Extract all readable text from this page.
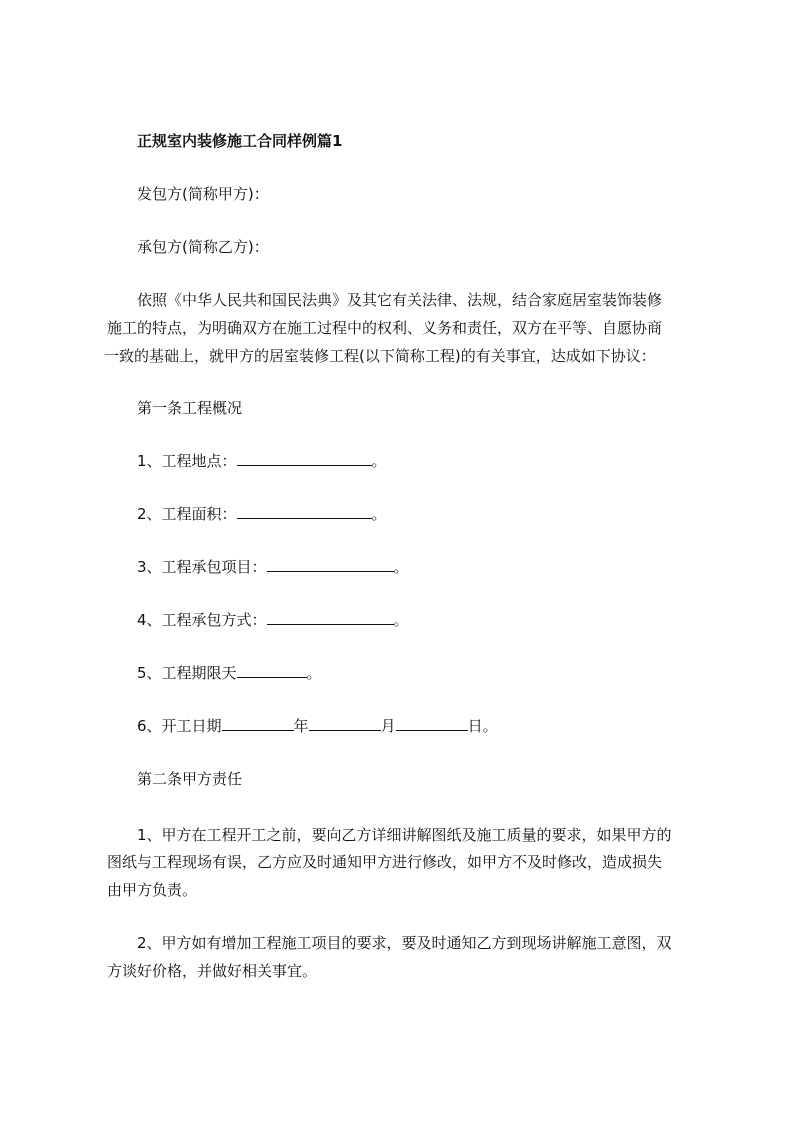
正规室内装修施工合同样例篇1
发包方(简称甲方)：
承包方(简称乙方)：
依照《中华人民共和国民法典》及其它有关法律、法规，结合家庭居室装饰装修
施工的特点，为明确双方在施工过程中的权利、义务和责任，双方在平等、自愿协商
一致的基础上，就甲方的居室装修工程(以下简称工程)的有关事宜，达成如下协议：
第一条工程概况
1、工程地点：	。
2、工程面积：	。
3、工程承包项目：	。
4、工程承包方式：	。
5、工程期限天	。
6、开工日期	年	月	日。
第二条甲方责任
1、甲方在工程开工之前，要向乙方详细讲解图纸及施工质量的要求，如果甲方的
图纸与工程现场有误，乙方应及时通知甲方进行修改，如甲方不及时修改，造成损失
由甲方负责。
2、甲方如有增加工程施工项目的要求，要及时通知乙方到现场讲解施工意图，双
方谈好价格，并做好相关事宜。
